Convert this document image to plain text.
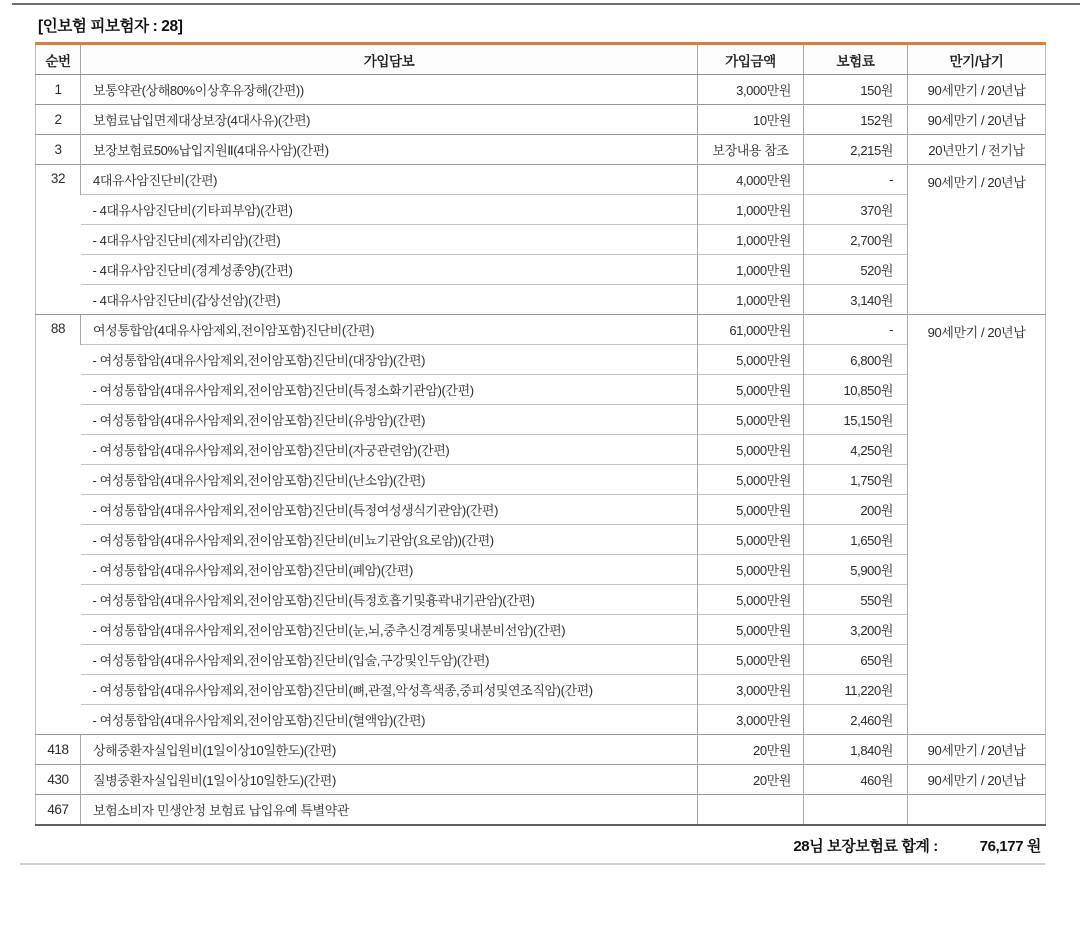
[인보험 피보험자 : 28]
순번	가입담보	가입금액	보험료	만기/납기
1	보통약관(상해80%이상후유장해(간편))	3,000만원	150원	90세만기 / 20년납
2	보험료납입면제대상보장(4대사유)(간편)	10만원	152원	90세만기 / 20년납
3	보장보험료50%납입지원Ⅱ(4대유사암)(간편)	보장내용 참조	2,215원	20년만기 / 전기납
32	4대유사암진단비(간편)	4,000만원	-	90세만기 / 20년납
	- 4대유사암진단비(기타피부암)(간편)	1,000만원	370원	
	- 4대유사암진단비(제자리암)(간편)	1,000만원	2,700원	
	- 4대유사암진단비(경계성종양)(간편)	1,000만원	520원	
	- 4대유사암진단비(갑상선암)(간편)	1,000만원	3,140원	
88	여성통합암(4대유사암제외,전이암포함)진단비(간편)	61,000만원	-	90세만기 / 20년납
	- 여성통합암(4대유사암제외,전이암포함)진단비(대장암)(간편)	5,000만원	6,800원	
	- 여성통합암(4대유사암제외,전이암포함)진단비(특정소화기관암)(간편)	5,000만원	10,850원	
	- 여성통합암(4대유사암제외,전이암포함)진단비(유방암)(간편)	5,000만원	15,150원	
	- 여성통합암(4대유사암제외,전이암포함)진단비(자궁관련암)(간편)	5,000만원	4,250원	
	- 여성통합암(4대유사암제외,전이암포함)진단비(난소암)(간편)	5,000만원	1,750원	
	- 여성통합암(4대유사암제외,전이암포함)진단비(특정여성생식기관암)(간편)	5,000만원	200원	
	- 여성통합암(4대유사암제외,전이암포함)진단비(비뇨기관암(요로암))(간편)	5,000만원	1,650원	
	- 여성통합암(4대유사암제외,전이암포함)진단비(폐암)(간편)	5,000만원	5,900원	
	- 여성통합암(4대유사암제외,전이암포함)진단비(특정호흡기및흉곽내기관암)(간편)	5,000만원	550원	
	- 여성통합암(4대유사암제외,전이암포함)진단비(눈,뇌,중추신경계통및내분비선암)(간편)	5,000만원	3,200원	
	- 여성통합암(4대유사암제외,전이암포함)진단비(입술,구강및인두암)(간편)	5,000만원	650원	
	- 여성통합암(4대유사암제외,전이암포함)진단비(뼈,관절,악성흑색종,중피성및연조직암)(간편)	3,000만원	11,220원	
	- 여성통합암(4대유사암제외,전이암포함)진단비(혈액암)(간편)	3,000만원	2,460원	
418	상해중환자실입원비(1일이상10일한도)(간편)	20만원	1,840원	90세만기 / 20년납
430	질병중환자실입원비(1일이상10일한도)(간편)	20만원	460원	90세만기 / 20년납
467	보험소비자 민생안정 보험료 납입유예 특별약관			
28님 보장보험료 합계 :	76,177 원
